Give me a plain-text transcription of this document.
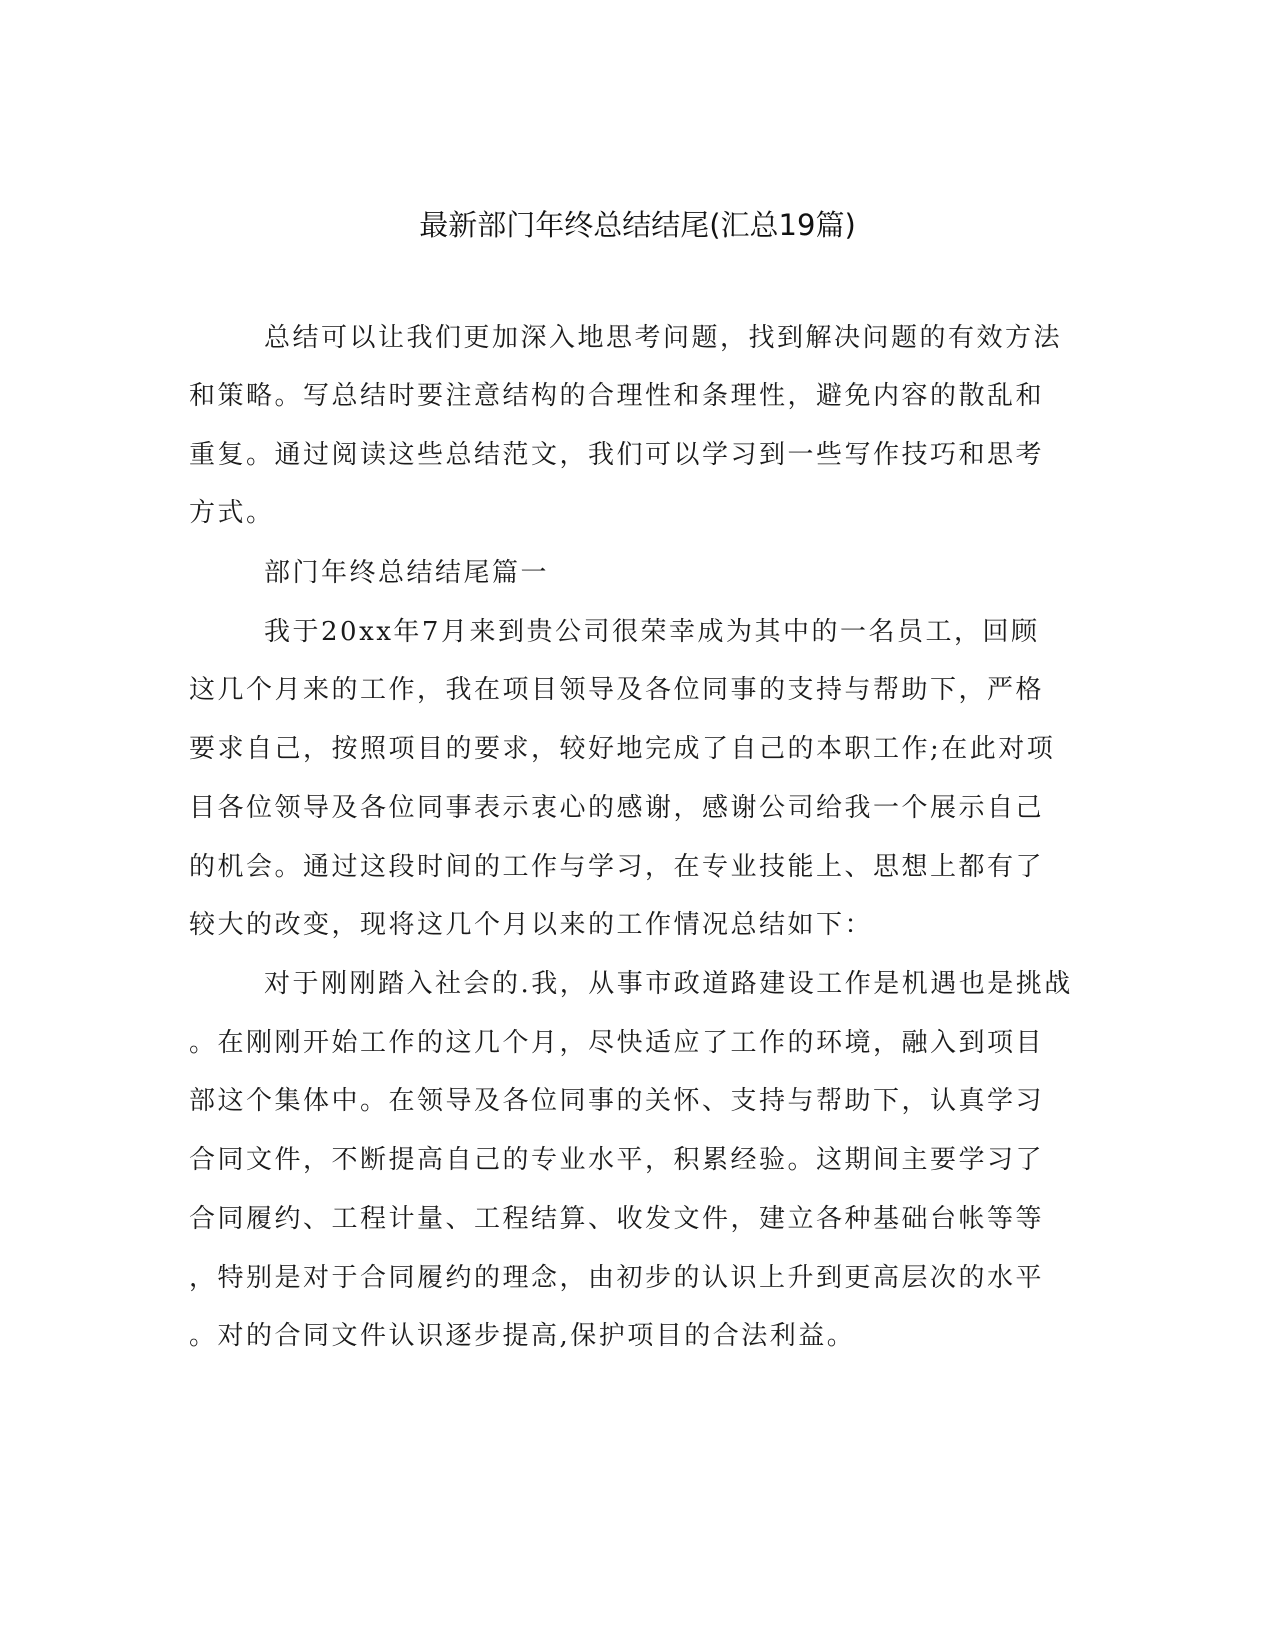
最新部门年终总结结尾(汇总19篇)

总结可以让我们更加深入地思考问题，找到解决问题的有效方法

和策略。写总结时要注意结构的合理性和条理性，避免内容的散乱和

重复。通过阅读这些总结范文，我们可以学习到一些写作技巧和思考

方式。

部门年终总结结尾篇一

我于20xx年7月来到贵公司很荣幸成为其中的一名员工，回顾

这几个月来的工作，我在项目领导及各位同事的支持与帮助下，严格

要求自己，按照项目的要求，较好地完成了自己的本职工作;在此对项

目各位领导及各位同事表示衷心的感谢，感谢公司给我一个展示自己

的机会。通过这段时间的工作与学习，在专业技能上、思想上都有了

较大的改变，现将这几个月以来的工作情况总结如下：

对于刚刚踏入社会的.我，从事市政道路建设工作是机遇也是挑战

。在刚刚开始工作的这几个月，尽快适应了工作的环境，融入到项目

部这个集体中。在领导及各位同事的关怀、支持与帮助下，认真学习

合同文件，不断提高自己的专业水平，积累经验。这期间主要学习了

合同履约、工程计量、工程结算、收发文件，建立各种基础台帐等等

，特别是对于合同履约的理念，由初步的认识上升到更高层次的水平

。对的合同文件认识逐步提高,保护项目的合法利益。
